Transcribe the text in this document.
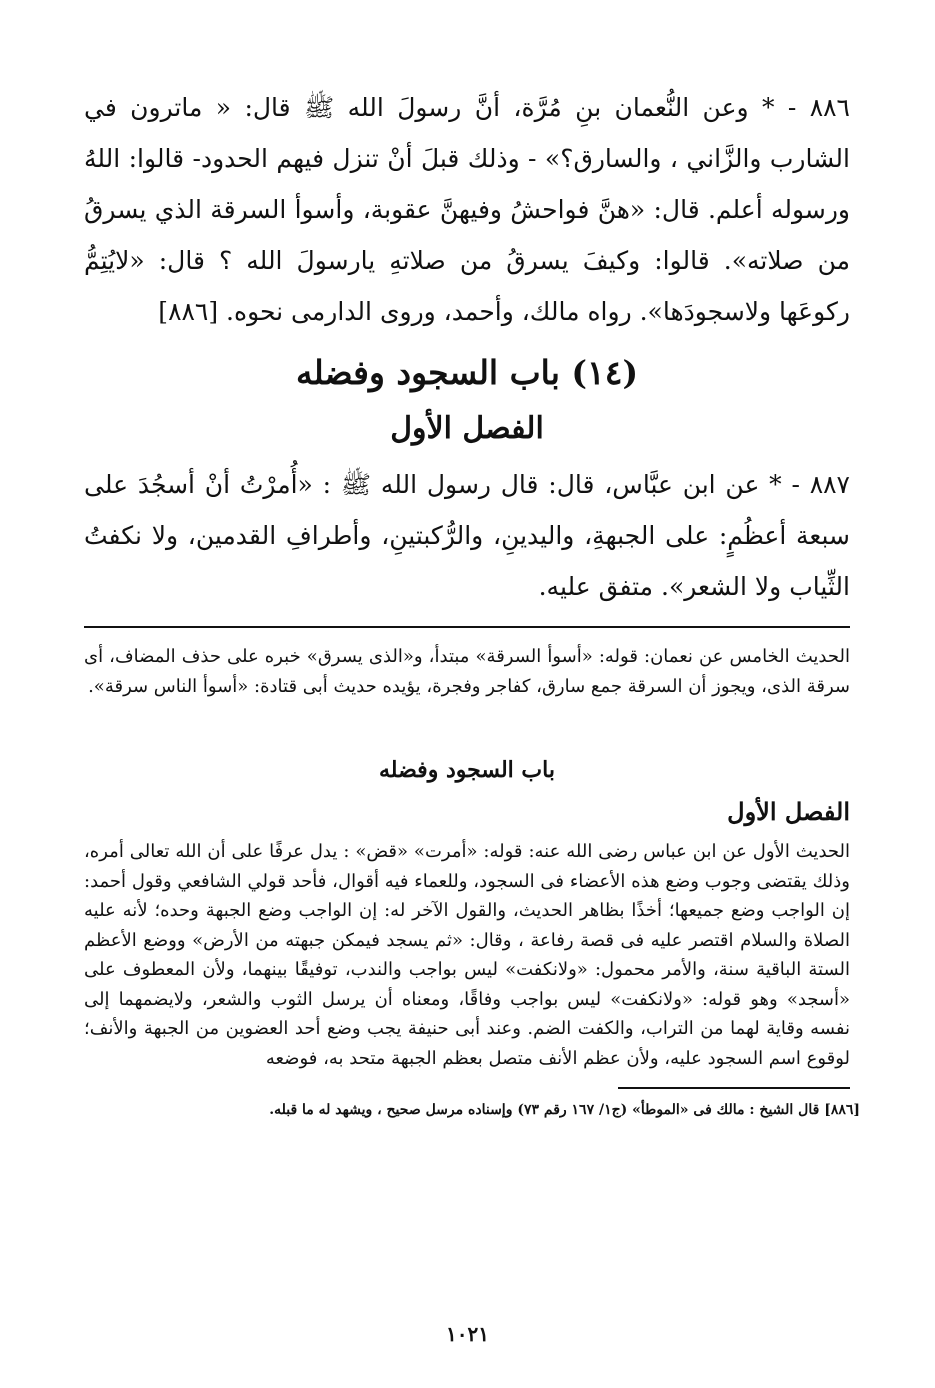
٨٨٦ - * وعن النُّعمان بنِ مُرَّة، أنَّ رسولَ الله ﷺ قال: « ماترون في الشارب والزَّاني ، والسارق؟» - وذلك قبلَ أنْ تنزل فيهم الحدود- قالوا: اللهُ ورسوله أعلم. قال: «هنَّ فواحشُ وفيهنَّ عقوبة، وأسوأ السرقة الذي يسرقُ من صلاته». قالوا: وكيفَ يسرقُ من صلاتهِ يارسولَ الله ؟ قال: «لايُتِمُّ ركوعَها ولاسجودَها». رواه مالك، وأحمد، وروى الدارمى نحوه. [٨٨٦]

(١٤) باب السجود وفضله
الفصل الأول

٨٨٧ - * عن ابن عبَّاس، قال: قال رسول الله ﷺ : «أُمرْتُ أنْ أسجُدَ على سبعة أعظُمٍ: على الجبهةِ، واليدينِ، والرُّكبتينِ، وأطرافِ القدمين، ولا نكفتُ الثِّياب ولا الشعر». متفق عليه.

الحديث الخامس عن نعمان: قوله: «أسوأ السرقة» مبتدأ، و«الذى يسرق» خبره على حذف المضاف، أى سرقة الذى، ويجوز أن السرقة جمع سارق، كفاجر وفجرة، يؤيده حديث أبى قتادة: «أسوأ الناس سرقة».

باب السجود وفضله
الفصل الأول

الحديث الأول عن ابن عباس رضى الله عنه: قوله: «أمرت» «قض» : يدل عرفًا على أن الله تعالى أمره، وذلك يقتضى وجوب وضع هذه الأعضاء فى السجود، وللعماء فيه أقوال، فأحد قولي الشافعي وقول أحمد: إن الواجب وضع جميعها؛ أخذًا بظاهر الحديث، والقول الآخر له: إن الواجب وضع الجبهة وحده؛ لأنه عليه الصلاة والسلام اقتصر عليه فى قصة رفاعة ، وقال: «ثم يسجد فيمكن جبهته من الأرض» ووضع الأعظم الستة الباقية سنة، والأمر محمول: «ولانكفت» ليس بواجب والندب، توفيقًا بينهما، ولأن المعطوف على «أسجد» وهو قوله: «ولانكفت» ليس بواجب وفاقًا، ومعناه أن يرسل الثوب والشعر، ولايضمهما إلى نفسه وقاية لهما من التراب، والكفت الضم. وعند أبى حنيفة يجب وضع أحد العضوين من الجبهة والأنف؛ لوقوع اسم السجود عليه، ولأن عظم الأنف متصل بعظم الجبهة متحد به، فوضعه

[٨٨٦] قال الشيخ : مالك فى «الموطأ» (ج١/ ١٦٧ رقم ٧٣) وإسناده مرسل صحيح ، ويشهد له ما قبله.

١٠٢١
